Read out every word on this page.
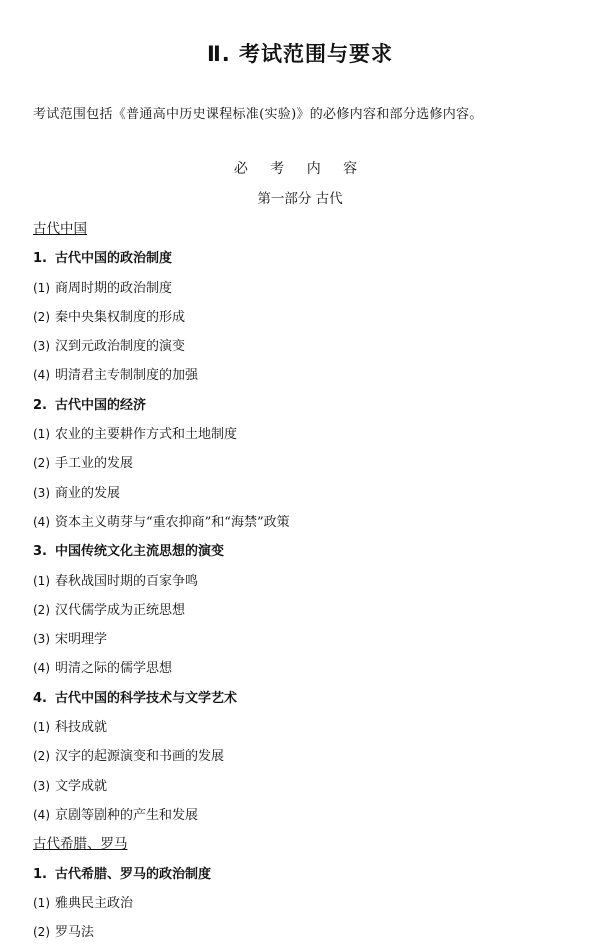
Ⅱ. 考试范围与要求
考试范围包括《普通高中历史课程标准(实验)》的必修内容和部分选修内容。
必 考 内 容
第一部分 古代
古代中国
1. 古代中国的政治制度
(1) 商周时期的政治制度
(2) 秦中央集权制度的形成
(3) 汉到元政治制度的演变
(4) 明清君主专制制度的加强
2. 古代中国的经济
(1) 农业的主要耕作方式和土地制度
(2) 手工业的发展
(3) 商业的发展
(4) 资本主义萌芽与“重农抑商”和“海禁”政策
3. 中国传统文化主流思想的演变
(1) 春秋战国时期的百家争鸣
(2) 汉代儒学成为正统思想
(3) 宋明理学
(4) 明清之际的儒学思想
4. 古代中国的科学技术与文学艺术
(1) 科技成就
(2) 汉字的起源演变和书画的发展
(3) 文学成就
(4) 京剧等剧种的产生和发展
古代希腊、罗马
1. 古代希腊、罗马的政治制度
(1) 雅典民主政治
(2) 罗马法
